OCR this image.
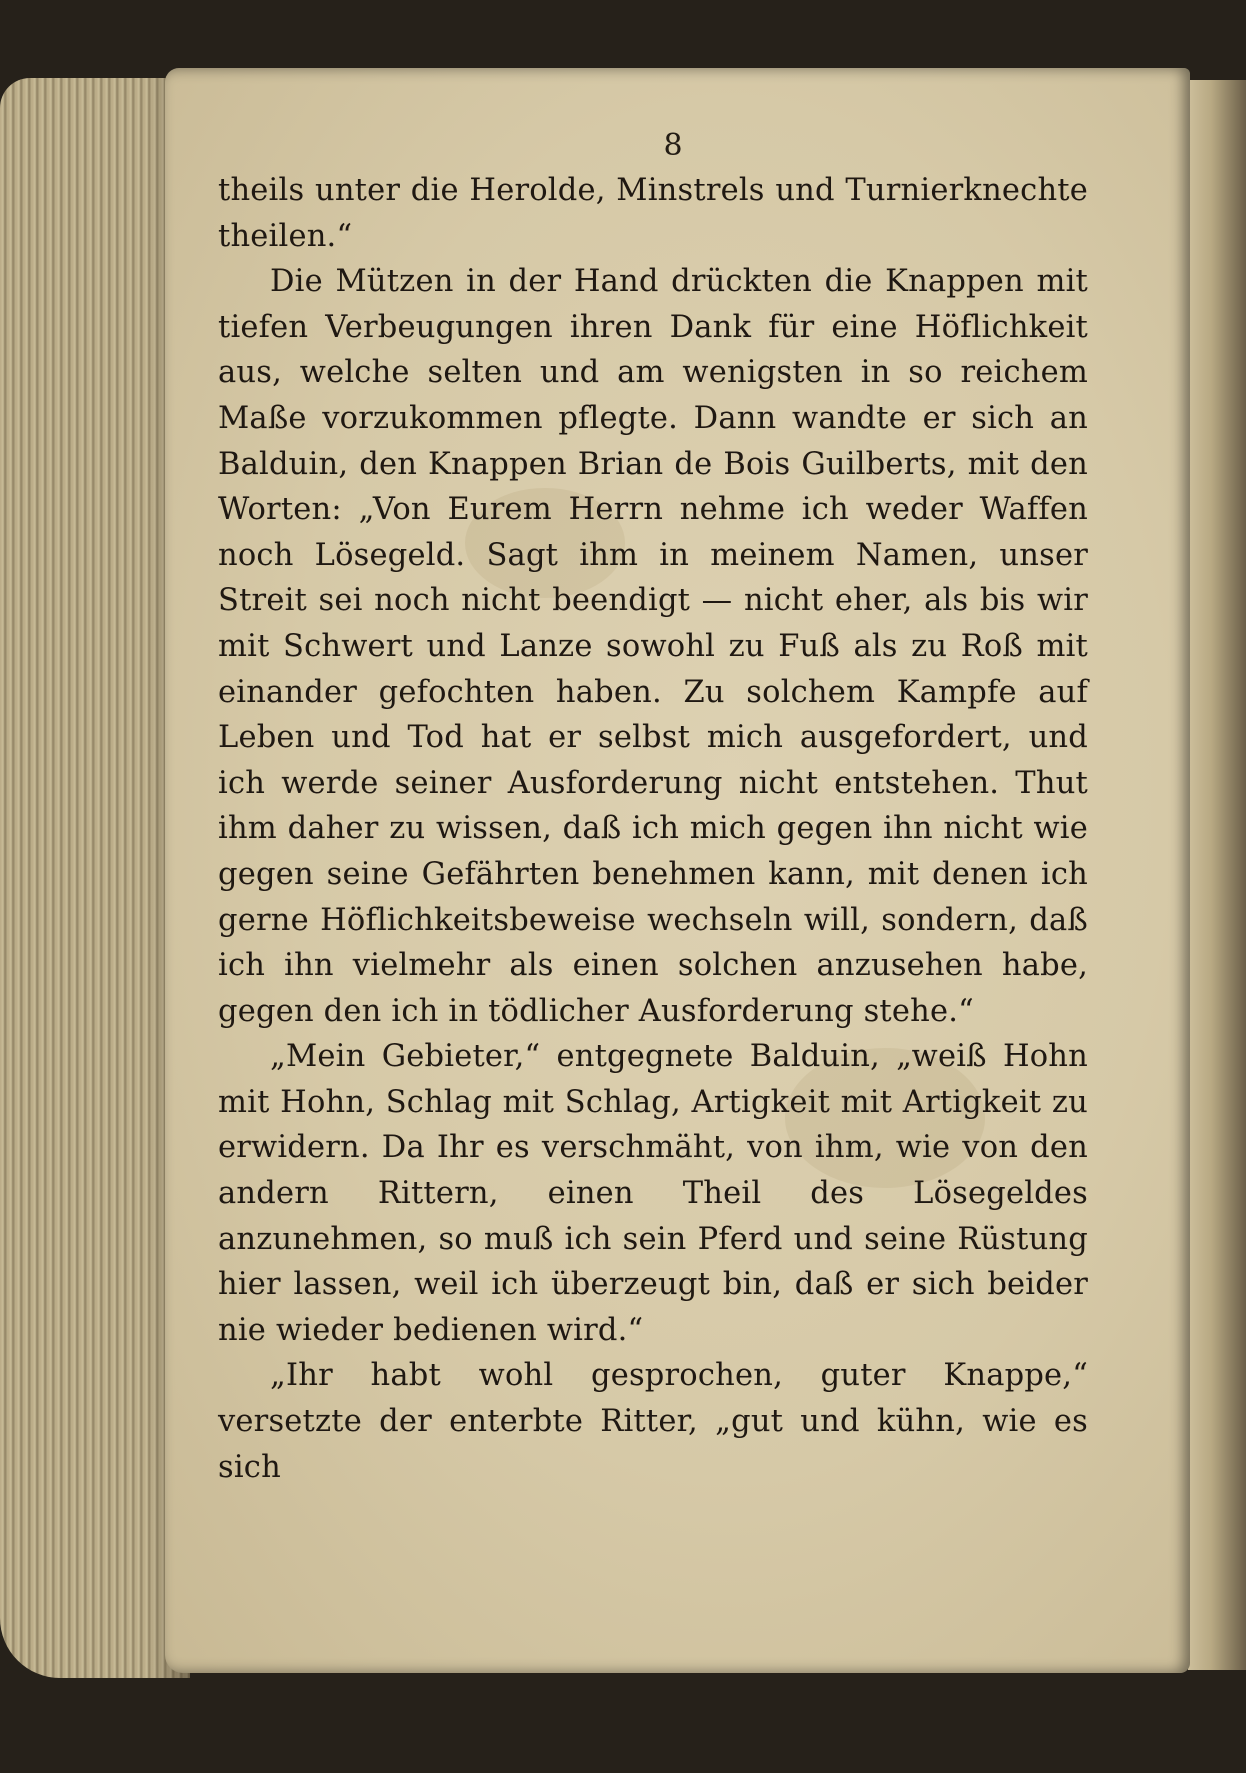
8

theils unter die Herolde, Minstrels und Turnierknechte theilen.“

Die Mützen in der Hand drückten die Knappen mit tiefen Verbeugungen ihren Dank für eine Höflichkeit aus, welche selten und am wenigsten in so reichem Maße vorzukommen pflegte. Dann wandte er sich an Balduin, den Knappen Brian de Bois Guilberts, mit den Worten: „Von Eurem Herrn nehme ich weder Waffen noch Lösegeld. Sagt ihm in meinem Namen, unser Streit sei noch nicht beendigt — nicht eher, als bis wir mit Schwert und Lanze sowohl zu Fuß als zu Roß mit einander gefochten haben. Zu solchem Kampfe auf Leben und Tod hat er selbst mich ausgefordert, und ich werde seiner Ausforderung nicht entstehen. Thut ihm daher zu wissen, daß ich mich gegen ihn nicht wie gegen seine Gefährten benehmen kann, mit denen ich gerne Höflichkeitsbeweise wechseln will, sondern, daß ich ihn vielmehr als einen solchen anzusehen habe, gegen den ich in tödlicher Ausforderung stehe.“

„Mein Gebieter,“ entgegnete Balduin, „weiß Hohn mit Hohn, Schlag mit Schlag, Artigkeit mit Artigkeit zu erwidern. Da Ihr es verschmäht, von ihm, wie von den andern Rittern, einen Theil des Lösegeldes anzunehmen, so muß ich sein Pferd und seine Rüstung hier lassen, weil ich überzeugt bin, daß er sich beider nie wieder bedienen wird.“

„Ihr habt wohl gesprochen, guter Knappe,“ versetzte der enterbte Ritter, „gut und kühn, wie es sich
